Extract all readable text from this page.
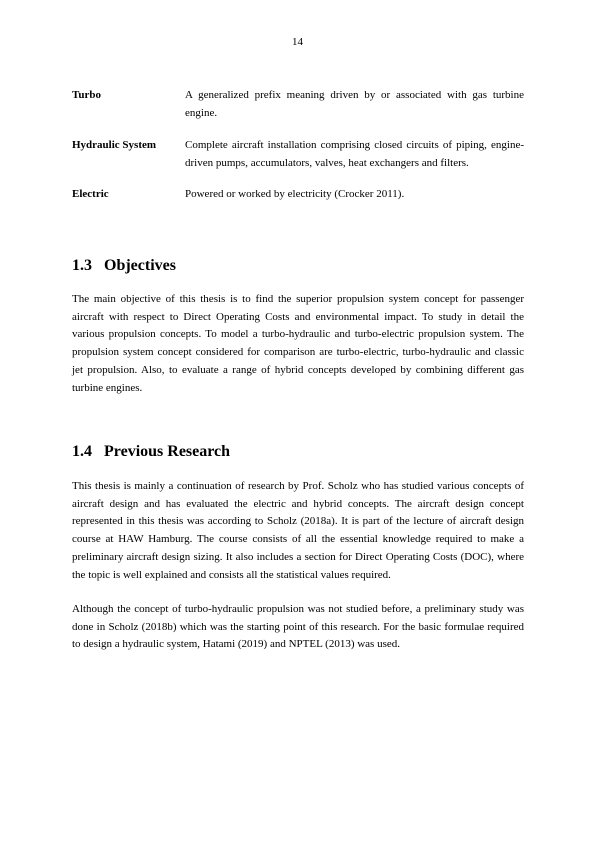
14
Turbo	A generalized prefix meaning driven by or associated with gas turbine engine.
Hydraulic System	Complete aircraft installation comprising closed circuits of piping, engine-driven pumps, accumulators, valves, heat exchangers and filters.
Electric	Powered or worked by electricity (Crocker 2011).
1.3 Objectives

The main objective of this thesis is to find the superior propulsion system concept for passenger aircraft with respect to Direct Operating Costs and environmental impact. To study in detail the various propulsion concepts. To model a turbo-hydraulic and turbo-electric propulsion system. The propulsion system concept considered for comparison are turbo-electric, turbo-hydraulic and classic jet propulsion. Also, to evaluate a range of hybrid concepts developed by combining different gas turbine engines.

1.4 Previous Research

This thesis is mainly a continuation of research by Prof. Scholz who has studied various concepts of aircraft design and has evaluated the electric and hybrid concepts. The aircraft design concept represented in this thesis was according to Scholz (2018a). It is part of the lecture of aircraft design course at HAW Hamburg. The course consists of all the essential knowledge required to make a preliminary aircraft design sizing. It also includes a section for Direct Operating Costs (DOC), where the topic is well explained and consists all the statistical values required.

Although the concept of turbo-hydraulic propulsion was not studied before, a preliminary study was done in Scholz (2018b) which was the starting point of this research. For the basic formulae required to design a hydraulic system, Hatami (2019) and NPTEL (2013) was used.
